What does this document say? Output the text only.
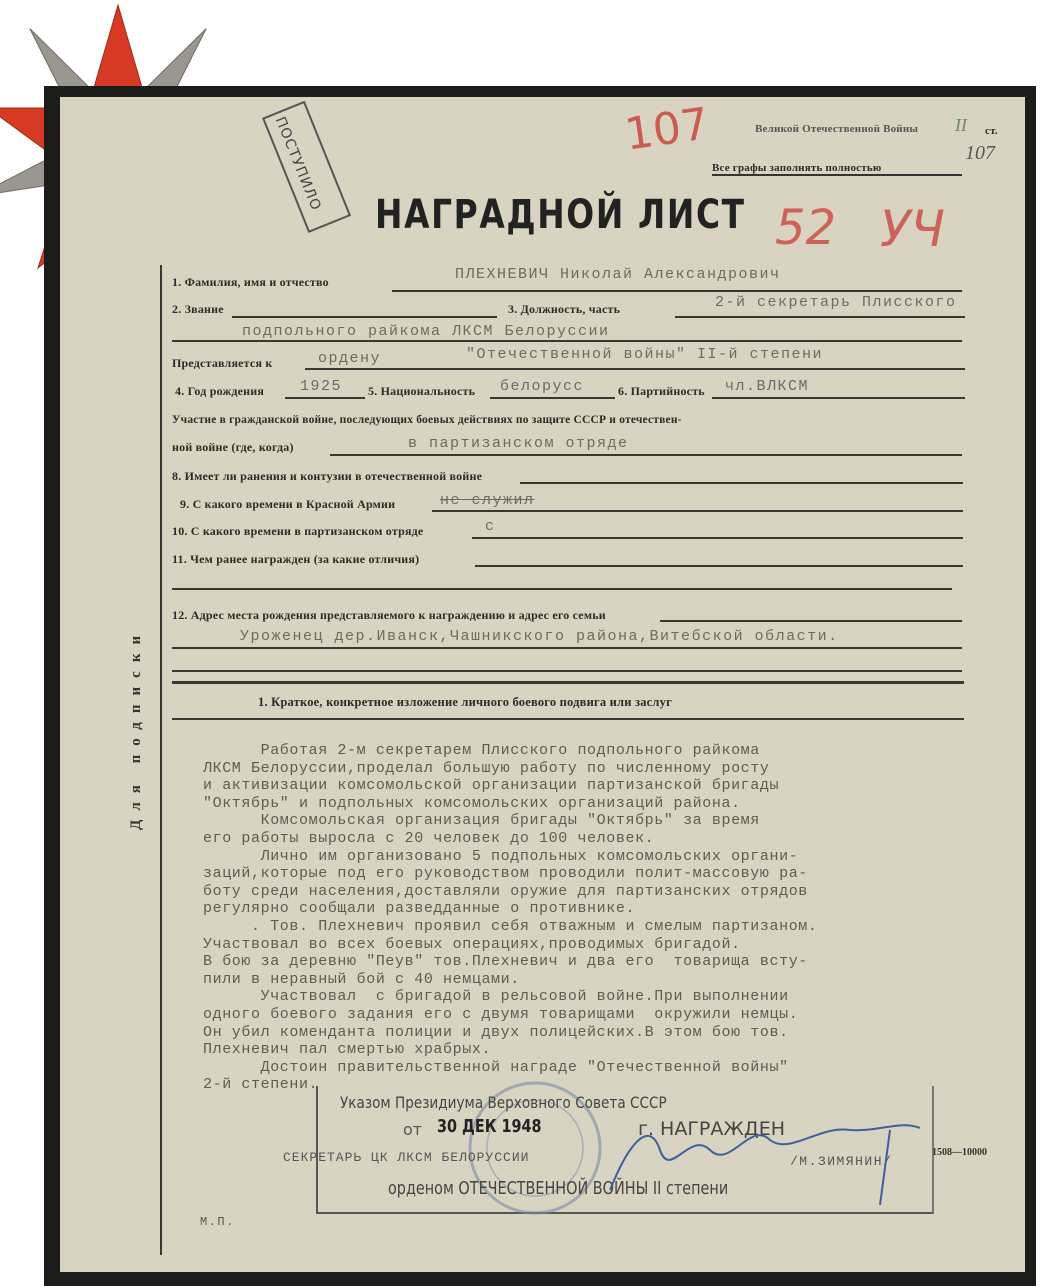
Великой Отечественной Войны II ст.
107
Все графы заполнять полностью
107
52 УЧ
ПОСТУПИЛО
НАГРАДНОЙ ЛИСТ
Для подписки
1. Фамилия, имя и отчество	ПЛЕХНЕВИЧ Николай Александрович
2. Звание	3. Должность, часть	2-й секретарь Плисского
подпольного райкома ЛКСМ Белоруссии
Представляется к	ордену	"Отечественной войны" II-й степени
4. Год рождения 1925 5. Национальность белорусс	6. Партийность чл.ВЛКСМ
Участие в гражданской войне, последующих боевых действиях по защите СССР и отечествен-
ной войне (где, когда)	в партизанском отряде
8. Имеет ли ранения и контузии в отечественной войне
9. С какого времени в Красной Армии	не служил
10. С какого времени в партизанском отряде	с
11. Чем ранее награжден (за какие отличия)
12. Адрес места рождения представляемого к награждению и адрес его семьи
Уроженец дер.Иванск,Чашникского района,Витебской области.
1. Краткое, конкретное изложение личного боевого подвига или заслуг

Работая 2-м секретарем Плисского подпольного райкома

ЛКСМ Белоруссии,проделал большую работу по численному росту

и активизации комсомольской организации партизанской бригады

"Октябрь" и подпольных комсомольских организаций района.

Комсомольская организация бригады "Октябрь" за время

его работы выросла с 20 человек до 100 человек.

Лично им организовано 5 подпольных комсомольских органи-

заций,которые под его руководством проводили полит-массовую ра-

боту среди населения,доставляли оружие для партизанских отрядов

регулярно сообщали разведданные о противнике.

. Тов. Плехневич проявил себя отважным и смелым партизаном.

Участвовал во всех боевых операциях,проводимых бригадой.

В бою за деревню "Пеув" тов.Плехневич и два его  товарища всту-

пили в неравный бой с 40 немцами.

Участвовал  с бригадой в рельсовой войне.При выполнении

одного боевого задания его с двумя товарищами  окружили немцы.

Он убил коменданта полиции и двух полицейских.В этом бою тов.

Плехневич пал смертью храбрых.

Достоин правительственной награде "Отечественной войны"

2-й степени.

Указом Президиума Верховного Совета СССР
от 30 ДЕК 1948	г. НАГРАЖДЕН
орденом ОТЕЧЕСТВЕННОЙ ВОЙНЫ II степени
СЕКРЕТАРЬ ЦК ЛКСМ БЕЛОРУССИИ	/М.ЗИМЯНИН/
1508—10000
М.П.
